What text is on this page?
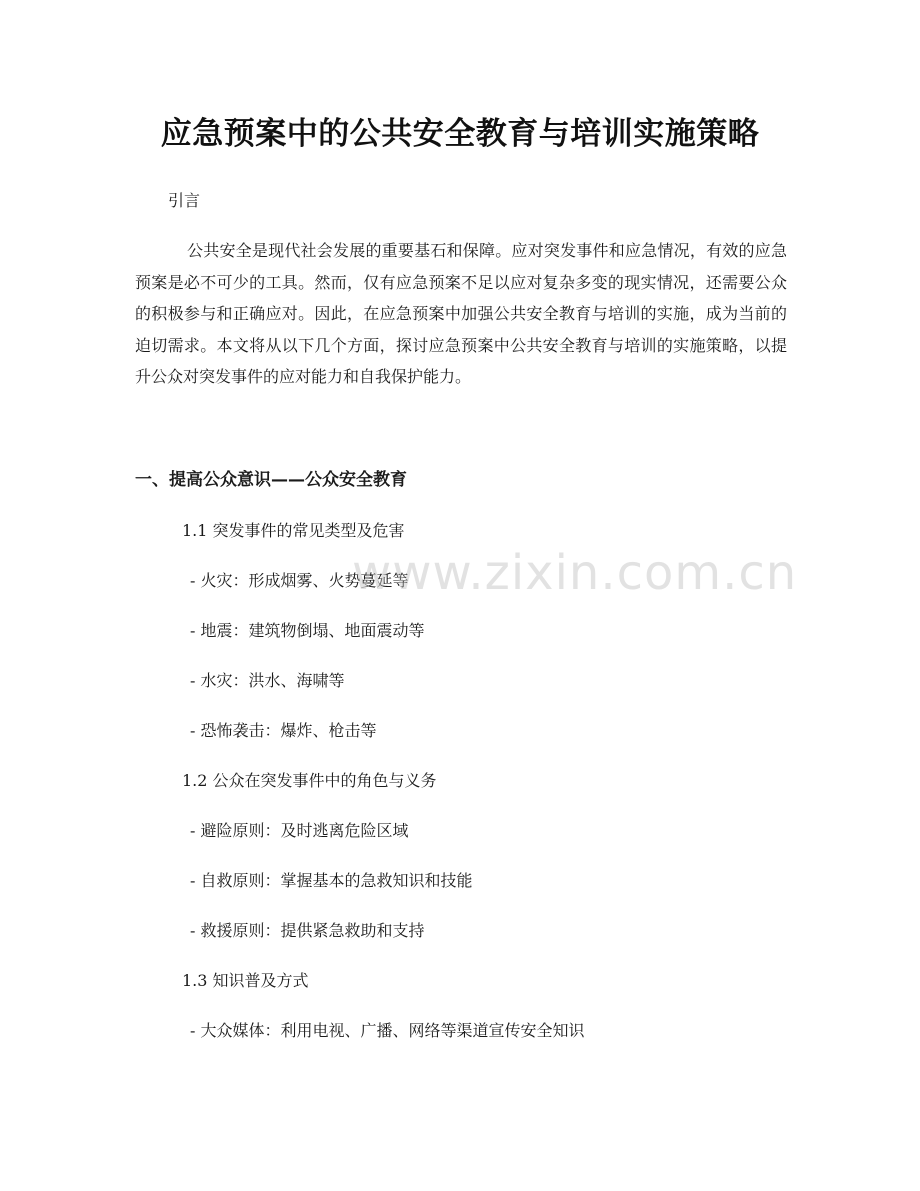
应急预案中的公共安全教育与培训实施策略
引言
公共安全是现代社会发展的重要基石和保障。应对突发事件和应急情况，有效的应急预案是必不可少的工具。然而，仅有应急预案不足以应对复杂多变的现实情况，还需要公众的积极参与和正确应对。因此，在应急预案中加强公共安全教育与培训的实施，成为当前的迫切需求。本文将从以下几个方面，探讨应急预案中公共安全教育与培训的实施策略，以提升公众对突发事件的应对能力和自我保护能力。
一、提高公众意识——公众安全教育
1.1 突发事件的常见类型及危害
- 火灾：形成烟雾、火势蔓延等
- 地震：建筑物倒塌、地面震动等
- 水灾：洪水、海啸等
- 恐怖袭击：爆炸、枪击等
1.2 公众在突发事件中的角色与义务
- 避险原则：及时逃离危险区域
- 自救原则：掌握基本的急救知识和技能
- 救援原则：提供紧急救助和支持
1.3 知识普及方式
- 大众媒体：利用电视、广播、网络等渠道宣传安全知识
www.zixin.com.cn
